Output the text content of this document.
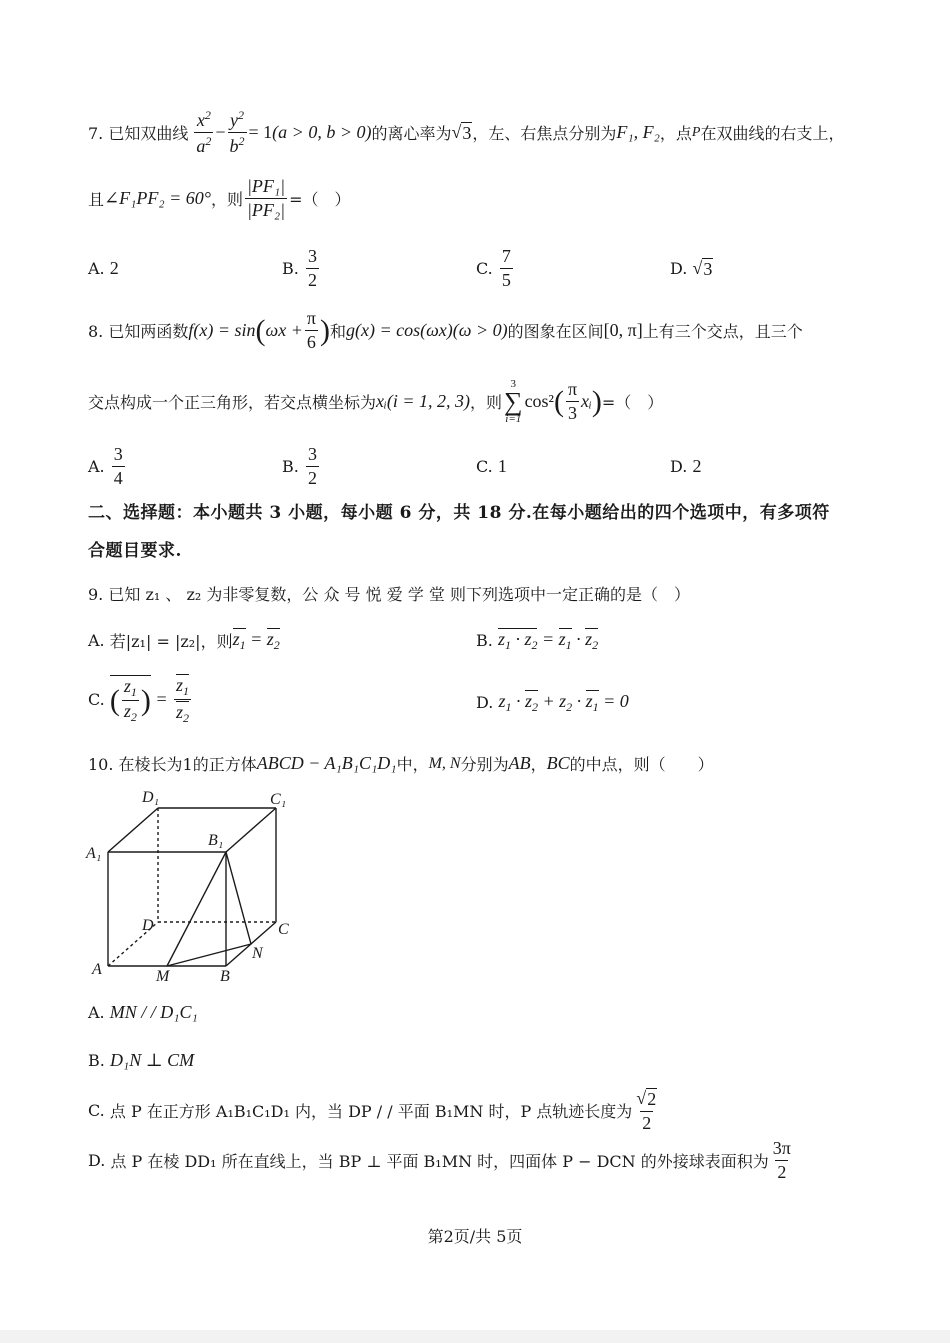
7. 已知双曲线 $\frac{x^2}{a^2} - \frac{y^2}{b^2} = 1$ (a > 0, b > 0) 的离心率为 √ 3 ，左、右焦点分别为 F₁, F₂ ，点 P 在双曲线的右支上，
且 ∠F₁PF₂ = 60° ，则 $\frac{\text{|PF₁|}}{\text{|PF₂|}}$ =（　）
A.
2	B.
$\frac{3}{2}$	C.
$\frac{7}{5}$	D.
√ 3
8. 已知两函数 f(x) = sin ( $\omega x + \frac{\pi}{6}$ ) 和 g(x) = cos(ωx)(ω > 0) 的图象在区间 [0, π] 上有三个交点，且三个
交点构成一个正三角形，若交点横坐标为 xᵢ (i = 1, 2, 3) ，则
3
∑
i=1
cos² ( $\frac{\pi}{3}$ xᵢ ) =（　）
A.
$\frac{3}{4}$	B.
$\frac{3}{2}$	C.
1	D.
2
二、选择题：本小题共 3 小题，每小题 6 分，共 18 分.在每小题给出的四个选项中，有多项符
合题目要求.
9. 已知 z₁ 、 z₂ 为非零复数，公 众 号 悦 爱 学 堂 则下列选项中一定正确的是（　）
A.
若|z₁| = |z₂|，则 $z_1 = z_2$	B.
$z_1 \cdot z_2 = z_1 \cdot z_2$
C.
( $\frac{z_1}{z_2}$ ) = $\frac{z_1}{z_2}$	D.
$z_1 \cdot z_2 + z_2 \cdot z_1 = 0$
10. 在棱长为1的正方体 ABCD − A₁B₁C₁D₁ 中， M, N 分别为 AB ， BC 的中点，则（　　）
D₁	C₁
A₁
B₁
D	C
A	M	B
N
A.
MN / / D₁C₁
B.
D₁N ⊥ CM
C.
点 P 在正方形 A₁B₁C₁D₁ 内，当 DP / / 平面 B₁MN 时，P 点轨迹长度为 $\frac{√ 2}{2}$
D.
点 P 在棱 DD₁ 所在直线上，当 BP ⊥ 平面 B₁MN 时，四面体 P − DCN 的外接球表面积为 $\frac{3\pi}{2}$
第2页/共 5页
